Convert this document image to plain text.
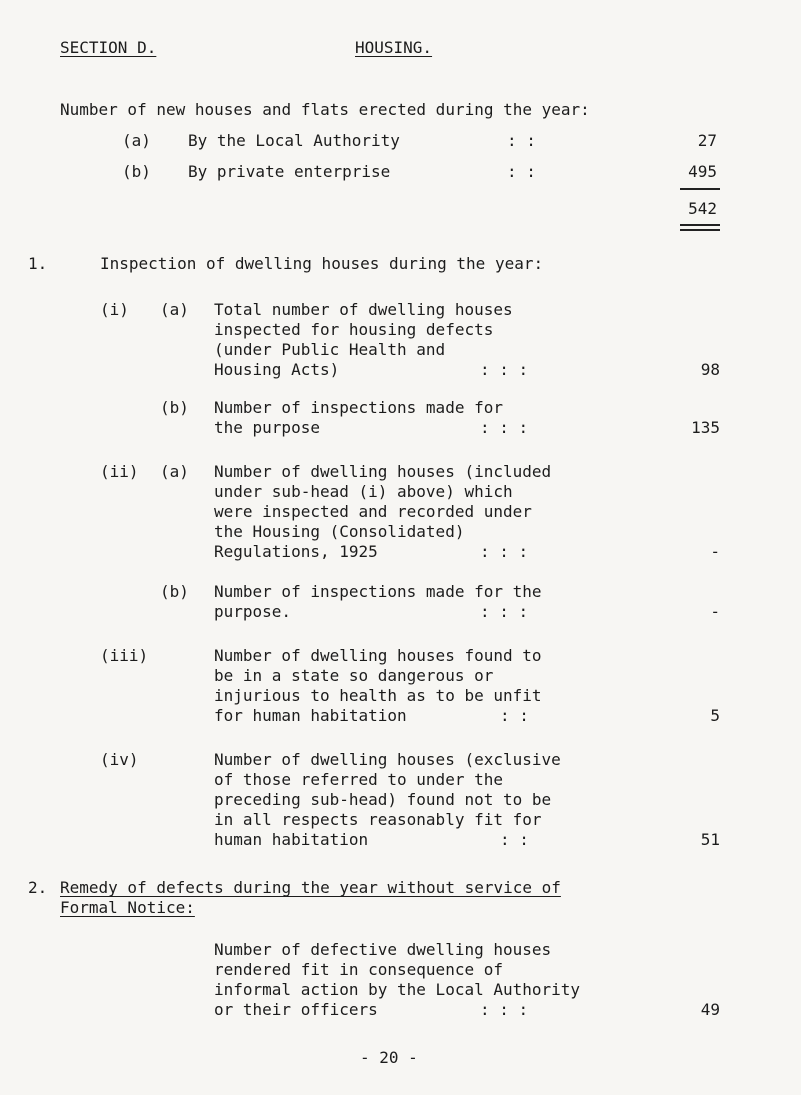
SECTION D.	HOUSING.
Number of new houses and flats erected during the year:
(a) By the Local Authority	: :	27
(b) By private enterprise	: :	495
542
1.	Inspection of dwelling houses during the year:
(i) (a) Total number of dwelling houses
inspected for housing defects
(under Public Health and
Housing Acts)	: : :	98
(b) Number of inspections made for
the purpose	: : :	135
(ii) (a) Number of dwelling houses (included
under sub-head (i) above) which
were inspected and recorded under
the Housing (Consolidated)
Regulations, 1925	: : :	-
(b) Number of inspections made for the
purpose.	: : :	-
(iii)	Number of dwelling houses found to
be in a state so dangerous or
injurious to health as to be unfit
for human habitation	: :	5
(iv)	Number of dwelling houses (exclusive
of those referred to under the
preceding sub-head) found not to be
in all respects reasonably fit for
human habitation	: :	51
2. Remedy of defects during the year without service of
Formal Notice:
Number of defective dwelling houses
rendered fit in consequence of
informal action by the Local Authority
or their officers	: : :	49
- 20 -
